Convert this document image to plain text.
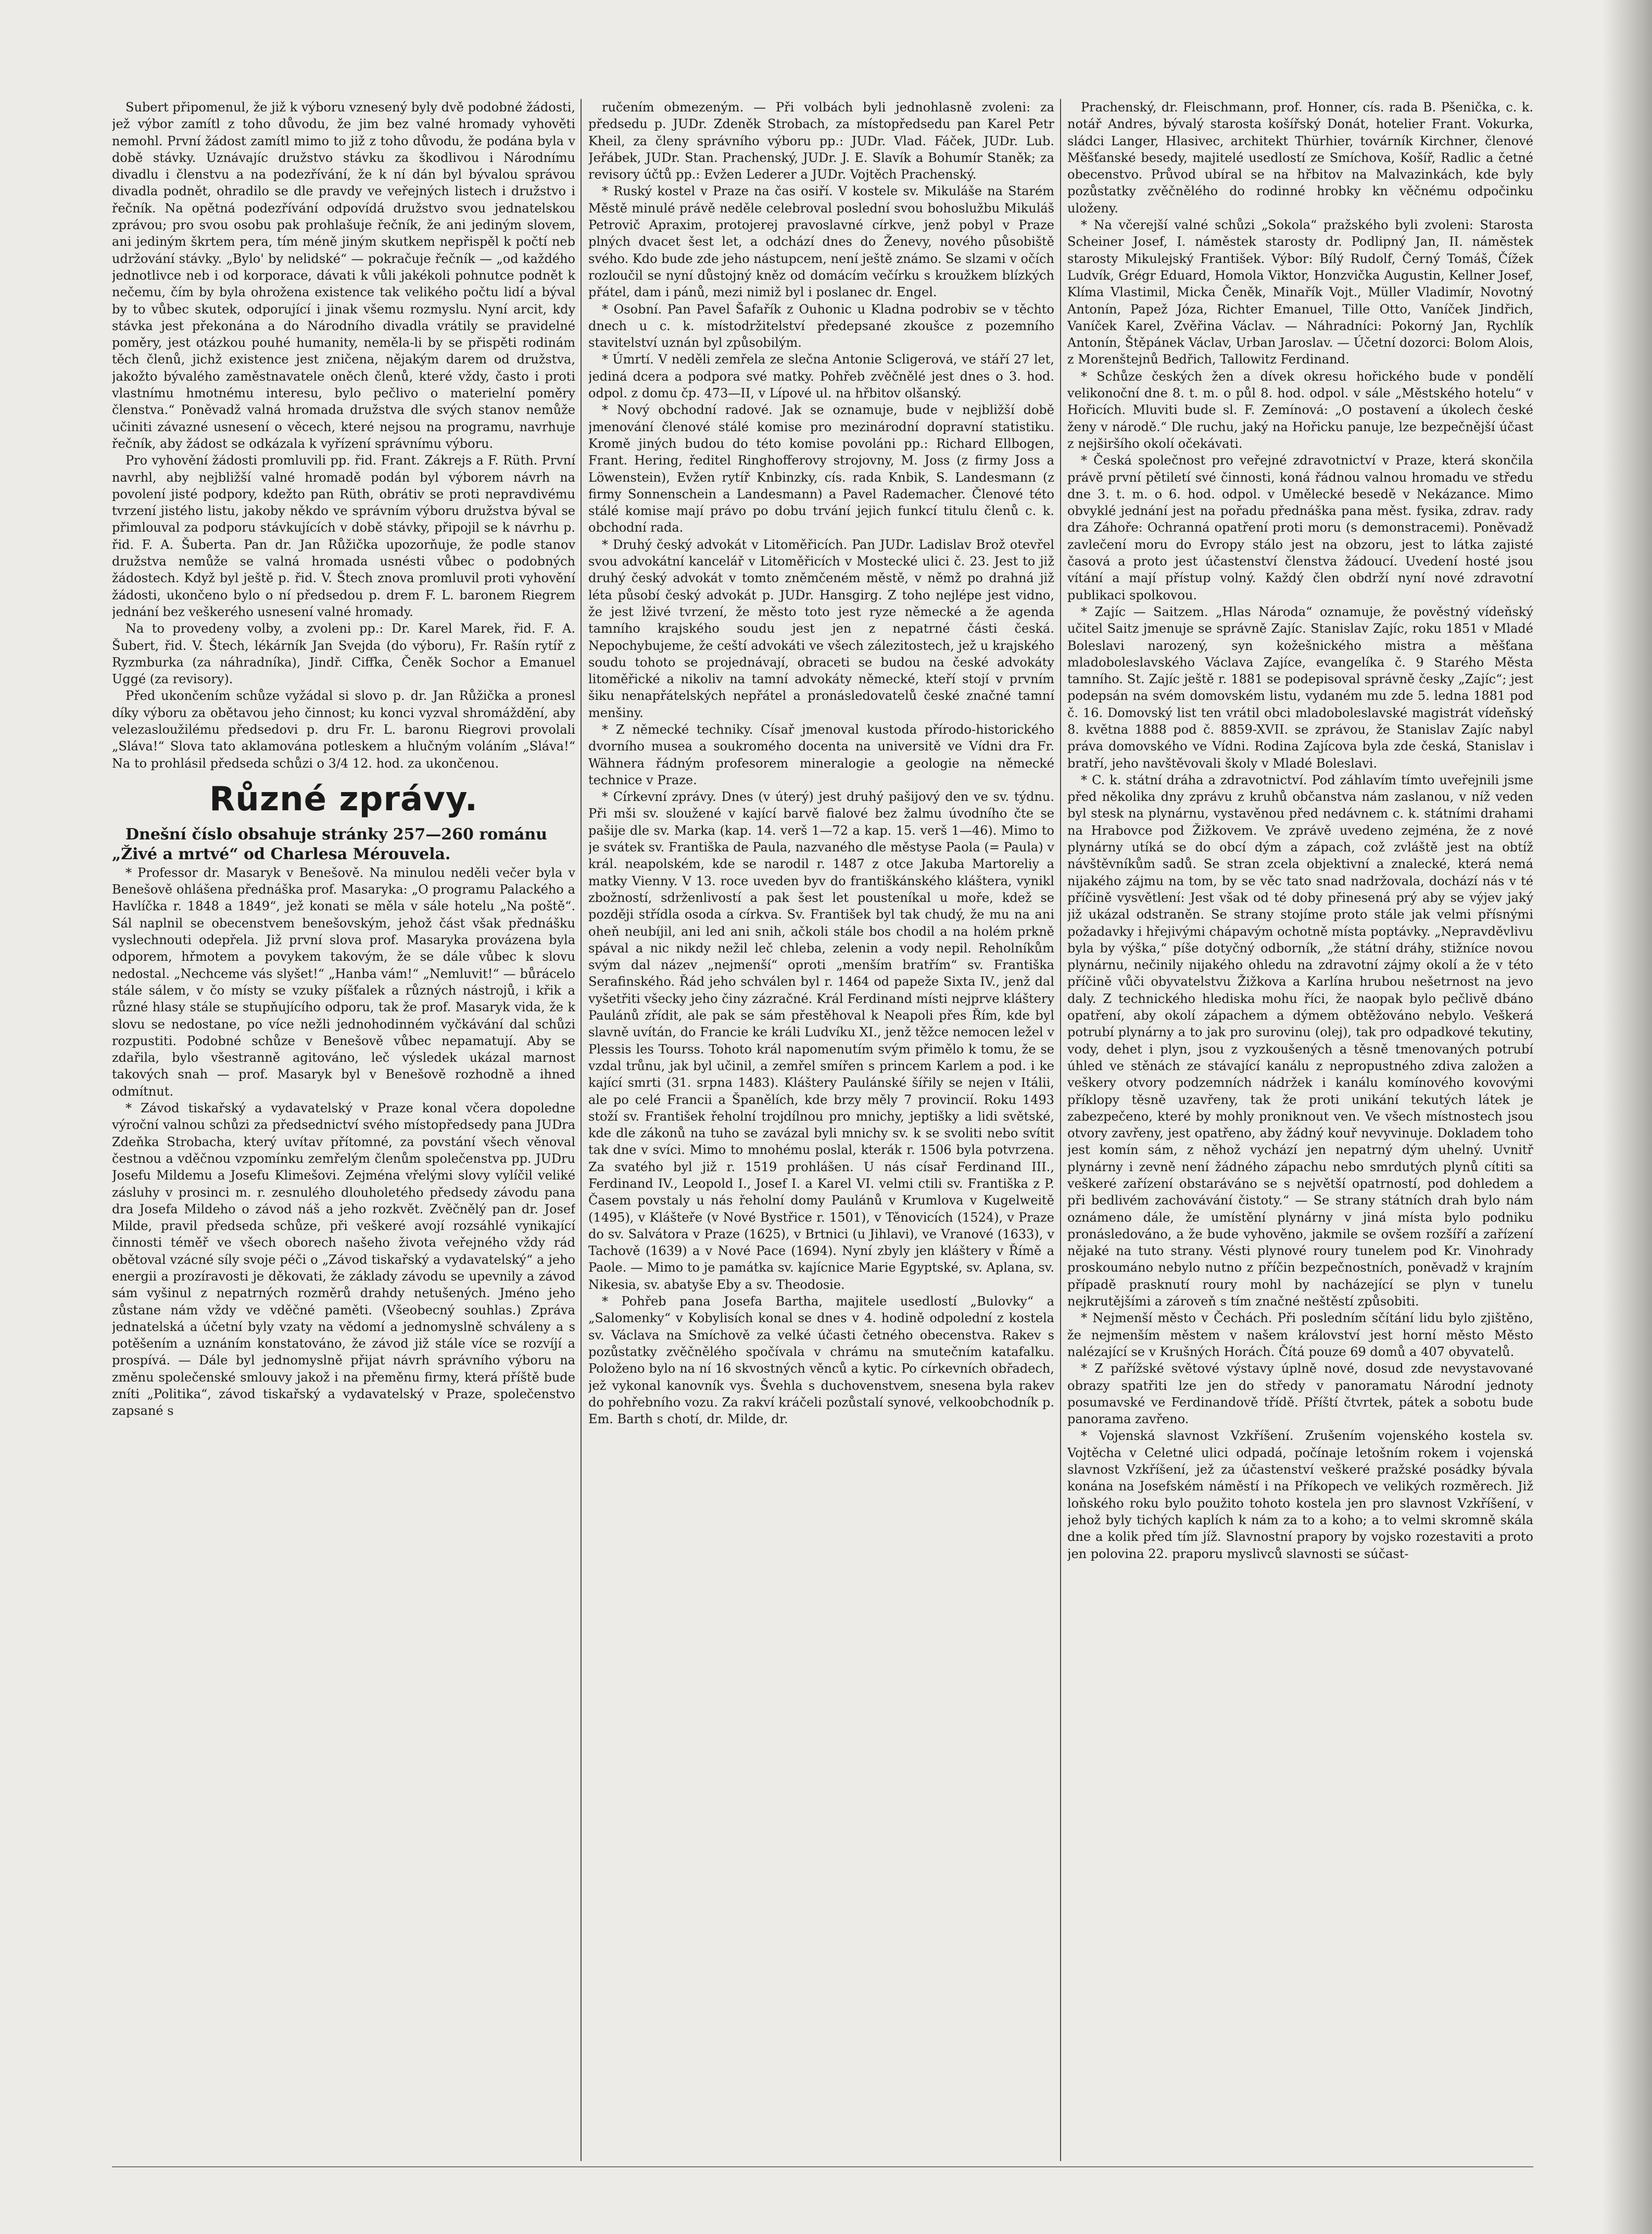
Subert připomenul, že již k výboru vznesený byly dvě podobné žádosti, jež výbor zamítl z toho důvodu, že jim bez valné hromady vyhověti nemohl. První žádost zamítl mimo to již z toho důvodu, že podána byla v době stávky. Uznávajíc družstvo stávku za škodlivou i Národnímu divadlu i členstvu a na podezřívání, že k ní dán byl bývalou správou divadla podnět, ohradilo se dle pravdy ve veřejných listech i družstvo i řečník. Na opětná podezřívání odpovídá družstvo svou jednatelskou zprávou; pro svou osobu pak prohlašuje řečník, že ani jediným slovem, ani jediným škrtem pera, tím méně jiným skutkem nepřispěl k počtí neb udržování stávky. „Bylo' by nelidské“ — pokračuje řečník — „od každého jednotlivce neb i od korporace, dávati k vůli jakékoli pohnutce podnět k nečemu, čím by byla ohrožena existence tak velikého počtu lidí a býval by to vůbec skutek, odporující i jinak všemu rozmyslu. Nyní arcit, kdy stávka jest překonána a do Národního divadla vrátily se pravidelné poměry, jest otázkou pouhé humanity, neměla-li by se přispěti rodinám těch členů, jichž existence jest zničena, nějakým darem od družstva, jakožto bývalého zaměstnavatele oněch členů, které vždy, často i proti vlastnímu hmotnému interesu, bylo pečlivo o materielní poměry členstva.“ Poněvadž valná hromada družstva dle svých stanov nemůže učiniti závazné usnesení o věcech, které nejsou na programu, navrhuje řečník, aby žádost se odkázala k vyřízení správnímu výboru.

Pro vyhovění žádosti promluvili pp. řid. Frant. Zákrejs a F. Rüth. První navrhl, aby nejbližší valné hromadě podán byl výborem návrh na povolení jisté podpory, kdežto pan Rüth, obrátiv se proti nepravdivému tvrzení jistého listu, jakoby někdo ve správním výboru družstva býval se přimlouval za podporu stávkujících v době stávky, připojil se k návrhu p. řid. F. A. Šuberta. Pan dr. Jan Růžička upozorňuje, že podle stanov družstva nemůže se valná hromada usnésti vůbec o podobných žádostech. Když byl ještě p. řid. V. Štech znova promluvil proti vyhovění žádosti, ukončeno bylo o ní předsedou p. drem F. L. baronem Riegrem jednání bez veškerého usnesení valné hromady.

Na to provedeny volby, a zvoleni pp.: Dr. Karel Marek, řid. F. A. Šubert, řid. V. Štech, lékárník Jan Svejda (do výboru), Fr. Rašín rytíř z Ryzmburka (za náhradníka), Jindř. Ciffka, Čeněk Sochor a Emanuel Uggé (za revisory).

Před ukončením schůze vyžádal si slovo p. dr. Jan Růžička a pronesl díky výboru za obětavou jeho činnost; ku konci vyzval shromáždění, aby velezasloužilému předsedovi p. dru Fr. L. baronu Riegrovi provolali „Sláva!“ Slova tato aklamována potleskem a hlučným voláním „Sláva!“ Na to prohlásil předseda schůzi o 3/4 12. hod. za ukončenou.

Různé zprávy.

Dnešní číslo obsahuje stránky 257—260 románu „Živé a mrtvé“ od Charlesa Mérouvela.

* Professor dr. Masaryk v Benešově. Na minulou neděli večer byla v Benešově ohlášena přednáška prof. Masaryka: „O programu Palackého a Havlíčka r. 1848 a 1849“, jež konati se měla v sále hotelu „Na poště“. Sál naplnil se obecenstvem benešovským, jehož část však přednášku vyslechnouti odepřela. Již první slova prof. Masaryka provázena byla odporem, hřmotem a povykem takovým, že se dále vůbec k slovu nedostal. „Nechceme vás slyšet!“ „Hanba vám!“ „Nemluvit!“ — bůrácelo stále sálem, v čo místy se vzuky píšťalek a různých nástrojů, i křik a různé hlasy stále se stupňujícího odporu, tak že prof. Masaryk vida, že k slovu se nedostane, po více nežli jednohodinném vyčkávání dal schůzi rozpustiti. Podobné schůze v Benešově vůbec nepamatují. Aby se zdařila, bylo všestranně agitováno, leč výsledek ukázal marnost takových snah — prof. Masaryk byl v Benešově rozhodně a ihned odmítnut.

* Závod tiskařský a vydavatelský v Praze konal včera dopoledne výroční valnou schůzi za předsednictví svého místopředsedy pana JUDra Zdeňka Strobacha, který uvítav přítomné, za povstání všech věnoval čestnou a vděčnou vzpomínku zemřelým členům společenstva pp. JUDru Josefu Mildemu a Josefu Klimešovi. Zejména vřelými slovy vylíčil veliké zásluhy v prosinci m. r. zesnulého dlouholetého předsedy závodu pana dra Josefa Mildeho o závod náš a jeho rozkvět. Zvěčnělý pan dr. Josef Milde, pravil předseda schůze, při veškeré avojí rozsáhlé vynikající činnosti téměř ve všech oborech našeho života veřejného vždy rád obětoval vzácné síly svoje péči o „Závod tiskařský a vydavatelský“ a jeho energii a prozíravosti je děkovati, že základy závodu se upevnily a závod sám vyšinul z nepatrných rozměrů drahdy netušených. Jméno jeho zůstane nám vždy ve vděčné paměti. (Všeobecný souhlas.) Zpráva jednatelská a účetní byly vzaty na vědomí a jednomyslně schváleny a s potěšením a uznáním konstatováno, že závod již stále více se rozvíjí a prospívá. — Dále byl jednomyslně přijat návrh správního výboru na změnu společenské smlouvy jakož i na přeměnu firmy, která příště bude zníti „Politika“, závod tiskařský a vydavatelský v Praze, společenstvo zapsané s

ručením obmezeným. — Při volbách byli jednohlasně zvoleni: za předsedu p. JUDr. Zdeněk Strobach, za místopředsedu pan Karel Petr Kheil, za členy správního výboru pp.: JUDr. Vlad. Fáček, JUDr. Lub. Jeřábek, JUDr. Stan. Prachenský, JUDr. J. E. Slavík a Bohumír Staněk; za revisory účtů pp.: Evžen Lederer a JUDr. Vojtěch Prachenský.

* Ruský kostel v Praze na čas osiří. V kostele sv. Mikuláše na Starém Městě minulé právě neděle celebroval poslední svou bohoslužbu Mikuláš Petrovič Apraxim, protojerej pravoslavné církve, jenž pobyl v Praze plných dvacet šest let, a odchází dnes do Ženevy, nového působiště svého. Kdo bude zde jeho nástupcem, není ještě známo. Se slzami v očích rozloučil se nyní důstojný kněz od domácím večírku s kroužkem blízkých přátel, dam i pánů, mezi nimiž byl i poslanec dr. Engel.

* Osobní. Pan Pavel Šafařík z Ouhonic u Kladna podrobiv se v těchto dnech u c. k. místodržitelství předepsané zkoušce z pozemního stavitelství uznán byl způsobilým.

* Úmrtí. V neděli zemřela ze slečna Antonie Scligerová, ve stáří 27 let, jediná dcera a podpora své matky. Pohřeb zvěčnělé jest dnes o 3. hod. odpol. z domu čp. 473—II, v Lípové ul. na hřbitov olšanský.

* Nový obchodní radové. Jak se oznamuje, bude v nejbližší době jmenování členové stálé komise pro mezinárodní dopravní statistiku. Kromě jiných budou do této komise povoláni pp.: Richard Ellbogen, Frant. Hering, ředitel Ringhofferovy strojovny, M. Joss (z firmy Joss a Löwenstein), Evžen rytíř Knbinzky, cís. rada Knbik, S. Landesmann (z firmy Sonnenschein a Landesmann) a Pavel Rademacher. Členové této stálé komise mají právo po dobu trvání jejich funkcí titulu členů c. k. obchodní rada.

* Druhý český advokát v Litoměřicích. Pan JUDr. Ladislav Brož otevřel svou advokátní kancelář v Litoměřicích v Mostecké ulici č. 23. Jest to již druhý český advokát v tomto zněmčeném městě, v němž po drahná již léta působí český advokát p. JUDr. Hansgirg. Z toho nejlépe jest vidno, že jest lživé tvrzení, že město toto jest ryze německé a že agenda tamního krajského soudu jest jen z nepatrné části česká. Nepochybujeme, že ceští advokáti ve všech zálezitostech, jež u krajského soudu tohoto se projednávají, obraceti se budou na české advokáty litoměřické a nikoliv na tamní advokáty německé, kteří stojí v prvním šiku nenapřátelských nepřátel a pronásledovatelů české značné tamní menšiny.

* Z německé techniky. Císař jmenoval kustoda přírodo-historického dvorního musea a soukromého docenta na universitě ve Vídni dra Fr. Wähnera řádným profesorem mineralogie a geologie na německé technice v Praze.

* Církevní zprávy. Dnes (v úterý) jest druhý pašijový den ve sv. týdnu. Při mši sv. sloužené v kající barvě fialové bez žalmu úvodního čte se pašije dle sv. Marka (kap. 14. verš 1—72 a kap. 15. verš 1—46). Mimo to je svátek sv. Františka de Paula, nazvaného dle městyse Paola (= Paula) v král. neapolském, kde se narodil r. 1487 z otce Jakuba Martoreliy a matky Vienny. V 13. roce uveden byv do františkánského kláštera, vynikl zbožností, sdrženlivostí a pak šest let pousteníkal u moře, kdež se později střídla osoda a církva. Sv. František byl tak chudý, že mu na ani oheň neubíjil, ani led ani snih, ačkoli stále bos chodil a na holém prkně spával a nic nikdy nežil leč chleba, zelenin a vody nepil. Reholníkům svým dal název „nejmenší“ oproti „menším bratřím“ sv. Františka Serafinského. Řád jeho schválen byl r. 1464 od papeže Sixta IV., jenž dal vyšetřiti všecky jeho činy zázračné. Král Ferdinand místi nejprve kláštery Paulánů zřídit, ale pak se sám přestěhoval k Neapoli přes Řím, kde byl slavně uvítán, do Francie ke králi Ludvíku XI., jenž těžce nemocen ležel v Plessis les Tourss. Tohoto král napomenutím svým přimělo k tomu, že se vzdal trůnu, jak byl učinil, a zemřel smířen s princem Karlem a pod. i ke kající smrti (31. srpna 1483). Kláštery Paulánské šířily se nejen v Itálii, ale po celé Francii a Španělích, kde brzy měly 7 provincií. Roku 1493 stoží sv. František řeholní trojdílnou pro mnichy, jeptišky a lidi světské, kde dle zákonů na tuho se zavázal byli mnichy sv. k se svoliti nebo svítit tak dne v svíci. Mimo to mnohému poslal, kterák r. 1506 byla potvrzena. Za svatého byl již r. 1519 prohlášen. U nás císař Ferdinand III., Ferdinand IV., Leopold I., Josef I. a Karel VI. velmi ctili sv. Františka z P. Časem povstaly u nás řeholní domy Paulánů v Krumlova v Kugelweitě (1495), v Klášteře (v Nové Bystřice r. 1501), v Těnovicích (1524), v Praze do sv. Salvátora v Praze (1625), v Brtnici (u Jihlavi), ve Vranové (1633), v Tachově (1639) a v Nové Pace (1694). Nyní zbyly jen kláštery v Římě a Paole. — Mimo to je památka sv. kajícnice Marie Egyptské, sv. Aplana, sv. Nikesia, sv. abatyše Eby a sv. Theodosie.

* Pohřeb pana Josefa Bartha, majitele usedlostí „Bulovky“ a „Salomenky“ v Kobylisích konal se dnes v 4. hodině odpolední z kostela sv. Václava na Smíchově za velké účasti četného obecenstva. Rakev s pozůstatky zvěčnělého spočívala v chrámu na smutečním katafalku. Položeno bylo na ní 16 skvostných věnců a kytic. Po církevních obřadech, jež vykonal kanovník vys. Švehla s duchovenstvem, snesena byla rakev do pohřebního vozu. Za rakví kráčeli pozůstalí synové, velkoobchodník p. Em. Barth s chotí, dr. Milde, dr.

Prachenský, dr. Fleischmann, prof. Honner, cís. rada B. Pšenička, c. k. notář Andres, bývalý starosta košířský Donát, hotelier Frant. Vokurka, sládci Langer, Hlasivec, architekt Thürhier, továrník Kirchner, členové Měšťanské besedy, majitelé usedlostí ze Smíchova, Košíř, Radlic a četné obecenstvo. Průvod ubíral se na hřbitov na Malvazinkách, kde byly pozůstatky zvěčnělého do rodinné hrobky kn věčnému odpočinku uloženy.

* Na včerejší valné schůzi „Sokola“ pražského byli zvoleni: Starosta Scheiner Josef, I. náměstek starosty dr. Podlipný Jan, II. náměstek starosty Mikulejský František. Výbor: Bílý Rudolf, Černý Tomáš, Čížek Ludvík, Grégr Eduard, Homola Viktor, Honzvička Augustin, Kellner Josef, Klíma Vlastimil, Micka Čeněk, Minařík Vojt., Müller Vladimír, Novotný Antonín, Papež Józa, Richter Emanuel, Tille Otto, Vaníček Jindřich, Vaníček Karel, Zvěřina Václav. — Náhradníci: Pokorný Jan, Rychlík Antonín, Štěpánek Václav, Urban Jaroslav. — Účetní dozorci: Bolom Alois, z Morenštejnů Bedřich, Tallowitz Ferdinand.

* Schůze českých žen a dívek okresu hořického bude v pondělí velikonoční dne 8. t. m. o půl 8. hod. odpol. v sále „Městského hotelu“ v Hořicích. Mluviti bude sl. F. Zemínová: „O postavení a úkolech české ženy v národě.“ Dle ruchu, jaký na Hořicku panuje, lze bezpečnější účast z nejširšího okolí očekávati.

* Česká společnost pro veřejné zdravotnictví v Praze, která skončila právě první pětiletí své činnosti, koná řádnou valnou hromadu ve středu dne 3. t. m. o 6. hod. odpol. v Umělecké besedě v Nekázance. Mimo obvyklé jednání jest na pořadu přednáška pana měst. fysika, zdrav. rady dra Záhoře: Ochranná opatření proti moru (s demonstracemi). Poněvadž zavlečení moru do Evropy stálo jest na obzoru, jest to látka zajisté časová a proto jest účastenství členstva žádoucí. Uvedení hosté jsou vítání a mají přístup volný. Každý člen obdrží nyní nové zdravotní publikaci spolkovou.

* Zajíc — Saitzem. „Hlas Národa“ oznamuje, že pověstný vídeňský učitel Saitz jmenuje se správně Zajíc. Stanislav Zajíc, roku 1851 v Mladé Boleslavi narozený, syn kožešnického mistra a měšťana mladoboleslavského Václava Zajíce, evangelíka č. 9 Starého Města tamního. St. Zajíc ještě r. 1881 se podepisoval správně česky „Zajíc“; jest podepsán na svém domovském listu, vydaném mu zde 5. ledna 1881 pod č. 16. Domovský list ten vrátil obci mladoboleslavské magistrát vídeňský 8. května 1888 pod č. 8859-XVII. se zprávou, že Stanislav Zajíc nabyl práva domovského ve Vídni. Rodina Zajícova byla zde česká, Stanislav i bratří, jeho navštěvovali školy v Mladé Boleslavi.

* C. k. státní dráha a zdravotnictví. Pod záhlavím tímto uveřejnili jsme před několika dny zprávu z kruhů občanstva nám zaslanou, v níž veden byl stesk na plynárnu, vystavěnou před nedávnem c. k. státními drahami na Hrabovce pod Žižkovem. Ve zprávě uvedeno zejména, že z nové plynárny utíká se do obcí dým a zápach, což zvláště jest na obtíž návštěvníkům sadů. Se stran zcela objektivní a znalecké, která nemá nijakého zájmu na tom, by se věc tato snad nadržovala, dochází nás v té příčině vysvětlení: Jest však od té doby přinesená prý aby se výjev jaký již ukázal odstraněn. Se strany stojíme proto stále jak velmi přísnými požadavky i hřejivými chápavým ochotně místa poptávky. „Nepravděvlivu byla by výška,“ píše dotyčný odborník, „že státní dráhy, stižníce novou plynárnu, nečinily nijakého ohledu na zdravotní zájmy okolí a že v této příčině vůči obyvatelstvu Žižkova a Karlína hrubou nešetrnost na jevo daly. Z technického hlediska mohu říci, že naopak bylo pečlivě dbáno opatření, aby okolí zápachem a dýmem obtěžováno nebylo. Veškerá potrubí plynárny a to jak pro surovinu (olej), tak pro odpadkové tekutiny, vody, dehet i plyn, jsou z vyzkoušených a těsně tmenovaných potrubí úhled ve stěnách ze stávající kanálu z nepropustného zdiva založen a veškery otvory podzemních nádržek i kanálu komínového kovovými příklopy těsně uzavřeny, tak že proti unikání tekutých látek je zabezpečeno, které by mohly proniknout ven. Ve všech místnostech jsou otvory zavřeny, jest opatřeno, aby žádný kouř nevyvinuje. Dokladem toho jest komín sám, z něhož vychází jen nepatrný dým uhelný. Uvnitř plynárny i zevně není žádného zápachu nebo smrdutých plynů cítiti sa veškeré zařízení obstaráváno se s největší opatrností, pod dohledem a při bedlivém zachovávání čistoty.“ — Se strany státních drah bylo nám oznámeno dále, že umístění plynárny v jiná místa bylo podniku pronásledováno, a že bude vyhověno, jakmile se ovšem rozšíří a zařízení nějaké na tuto strany. Vésti plynové roury tunelem pod Kr. Vinohrady proskoumáno nebylo nutno z příčin bezpečnostních, poněvadž v krajním případě prasknutí roury mohl by nacházející se plyn v tunelu nejkrutějšími a zároveň s tím značné neštěstí způsobiti.

* Nejmenší město v Čechách. Při posledním sčítání lidu bylo zjištěno, že nejmenším městem v našem království jest horní město Město nalézající se v Krušných Horách. Čítá pouze 69 domů a 407 obyvatelů.

* Z pařížské světové výstavy úplně nové, dosud zde nevystavované obrazy spatřiti lze jen do středy v panoramatu Národní jednoty posumavské ve Ferdinandově třídě. Příští čtvrtek, pátek a sobotu bude panorama zavřeno.

* Vojenská slavnost Vzkříšení. Zrušením vojenského kostela sv. Vojtěcha v Celetné ulici odpadá, počínaje letošním rokem i vojenská slavnost Vzkříšení, jež za účastenství veškeré pražské posádky bývala konána na Josefském náměstí i na Příkopech ve velikých rozměrech. Již loňského roku bylo použito tohoto kostela jen pro slavnost Vzkříšení, v jehož byly tichých kaplích k nám za to a koho; a to velmi skromně skála dne a kolik před tím jíž. Slavnostní prapory by vojsko rozestaviti a proto jen polovina 22. praporu myslivců slavnosti se súčast-
